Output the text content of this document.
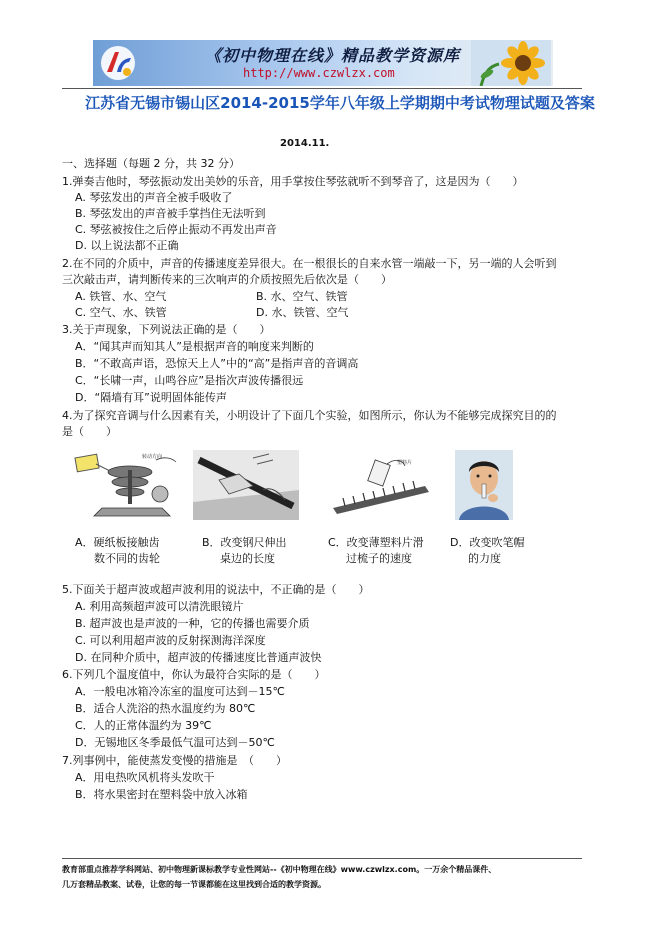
《初中物理在线》精品教学资源库
http://www.czwlzx.com
江苏省无锡市锡山区2014-2015学年八年级上学期期中考试物理试题及答案
2014.11.
一、选择题（每题 2 分，共 32 分）
1.弹奏吉他时，琴弦振动发出美妙的乐音，用手掌按住琴弦就听不到琴音了，这是因为（　　）
A. 琴弦发出的声音全被手吸收了
B. 琴弦发出的声音被手掌挡住无法听到
C. 琴弦被按住之后停止振动不再发出声音
D. 以上说法都不正确
2.在不同的介质中，声音的传播速度差异很大。在一根很长的自来水管一端敲一下，另一端的人会听到
三次敲击声，请判断传来的三次响声的介质按照先后依次是（　　）
A. 铁管、水、空气	B. 水、空气、铁管
C. 空气、水、铁管	D. 水、铁管、空气
3.关于声现象，下列说法正确的是（　　）
A．“闻其声而知其人”是根据声音的响度来判断的
B．“不敢高声语，恐惊天上人”中的“高”是指声音的音调高
C．“长啸一声，山鸣谷应”是指次声波传播很远
D．“隔墙有耳”说明固体能传声
4.为了探究音调与什么因素有关，小明设计了下面几个实验，如图所示，你认为不能够完成探究目的的
是（　　）
转动方向
塑料片
A．硬纸板接触齿
数不同的齿轮
B．改变钢尺伸出
桌边的长度
C．改变薄塑料片滑
过梳子的速度
D．改变吹笔帽
的力度
5.下面关于超声波或超声波利用的说法中，不正确的是（　　）
A. 利用高频超声波可以清洗眼镜片
B. 超声波也是声波的一种，它的传播也需要介质
C. 可以利用超声波的反射探测海洋深度
D. 在同种介质中，超声波的传播速度比普通声波快
6.下列几个温度值中，你认为最符合实际的是（　　）
A．一般电冰箱冷冻室的温度可达到－15℃
B．适合人洗浴的热水温度约为 80℃
C．人的正常体温约为 39℃
D．无锡地区冬季最低气温可达到－50℃
7.列事例中，能使蒸发变慢的措施是　（　　）
A．用电热吹风机将头发吹干
B．将水果密封在塑料袋中放入冰箱
教育部重点推荐学科网站、初中物理新课标教学专业性网站--《初中物理在线》www.czwlzx.com。一万余个精品课件、
几万套精品教案、试卷，让您的每一节课都能在这里找到合适的教学资源。
